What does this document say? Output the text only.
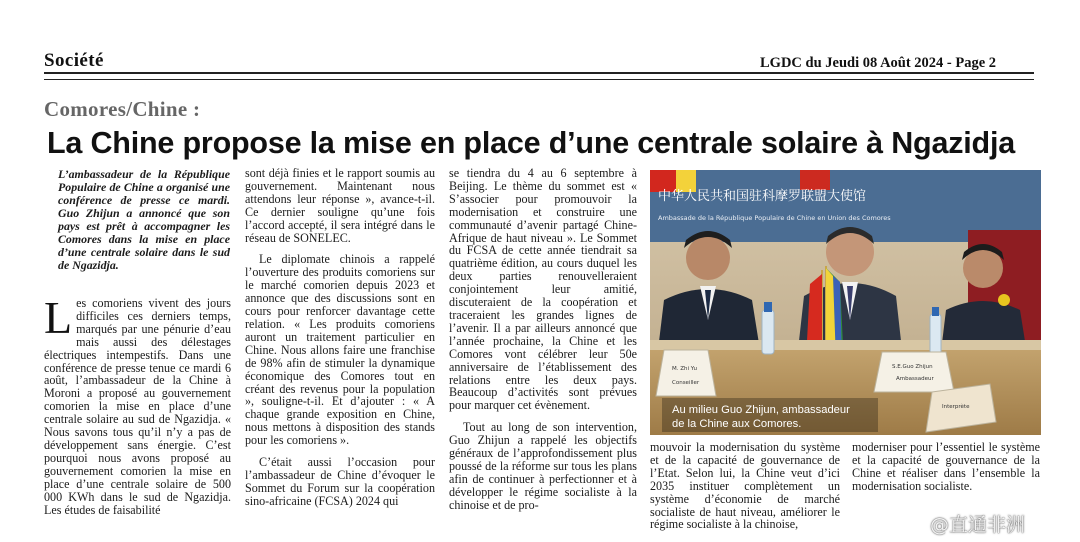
Société	LGDC du Jeudi 08 Août 2024 - Page 2
Comores/Chine :
La Chine propose la mise en place d’une centrale solaire à Ngazidja
L’ambassadeur de la République Populaire de Chine a organisé une conférence de presse ce mardi. Guo Zhijun a annoncé que son pays est prêt à accompagner les Comores dans la mise en place d’une centrale solaire dans le sud de Ngazidja.

Les comoriens vivent des jours difficiles ces derniers temps, marqués par une pénurie d’eau mais aussi des délestages électriques intempestifs. Dans une conférence de presse tenue ce mardi 6 août, l’ambassadeur de la Chine à Moroni a proposé au gouvernement comorien la mise en place d’une centrale solaire au sud de Ngazidja. « Nous savons tous qu’il n’y a pas de développement sans énergie. C’est pourquoi nous avons proposé au gouvernement comorien la mise en place d’une centrale solaire de 500 000 KWh dans le sud de Ngazidja. Les études de faisabilité

sont déjà finies et le rapport soumis au gouvernement. Maintenant nous attendons leur réponse », avance-t-il. Ce dernier souligne qu’une fois l’accord accepté, il sera intégré dans le réseau de SONELEC.

Le diplomate chinois a rappelé l’ouverture des produits comoriens sur le marché comorien depuis 2023 et annonce que des discussions sont en cours pour renforcer davantage cette relation. « Les produits comoriens auront un traitement particulier en Chine. Nous allons faire une franchise de 98% afin de stimuler la dynamique économique des Comores tout en créant des revenus pour la population », souligne-t-il. Et d’ajouter : « A chaque grande exposition en Chine, nous mettons à disposition des stands pour les comoriens ».

C’était aussi l’occasion pour l’ambassadeur de Chine d’évoquer le Sommet du Forum sur la coopération sino-africaine (FCSA) 2024 qui

se tiendra du 4 au 6 septembre à Beijing. Le thème du sommet est « S’associer pour promouvoir la modernisation et construire une communauté d’avenir partagé Chine-Afrique de haut niveau ». Le Sommet du FCSA de cette année tiendrait sa quatrième édition, au cours duquel les deux parties renouvelleraient conjointement leur amitié, discuteraient de la coopération et traceraient les grandes lignes de l’avenir. Il a par ailleurs annoncé que l’année prochaine, la Chine et les Comores vont célébrer leur 50e anniversaire de l’établissement des relations entre les deux pays. Beaucoup d’activités sont prévues pour marquer cet évènement.

Tout au long de son intervention, Guo Zhijun a rappelé les objectifs généraux de l’approfondissement plus poussé de la réforme sur tous les plans afin de continuer à perfectionner et à développer le régime socialiste à la chinoise et de pro-

中华人民共和国驻科摩罗联盟大使馆
Ambassade de la République Populaire de Chine en Union des Comores
M. Zhi Yu
Conseiller
S.E.Guo Zhijun
Ambassadeur
Interprète
Au milieu Guo Zhijun, ambassadeur
de la Chine aux Comores.

mouvoir la modernisation du système et de la capacité de gouvernance de l’Etat. Selon lui, la Chine veut d’ici 2035 instituer complètement un système d’économie de marché socialiste de haut niveau, améliorer le régime socialiste à la chinoise,

moderniser pour l’essentiel le système et la capacité de gouvernance de la Chine et réaliser dans l’ensemble la modernisation socialiste.

@直通非洲
